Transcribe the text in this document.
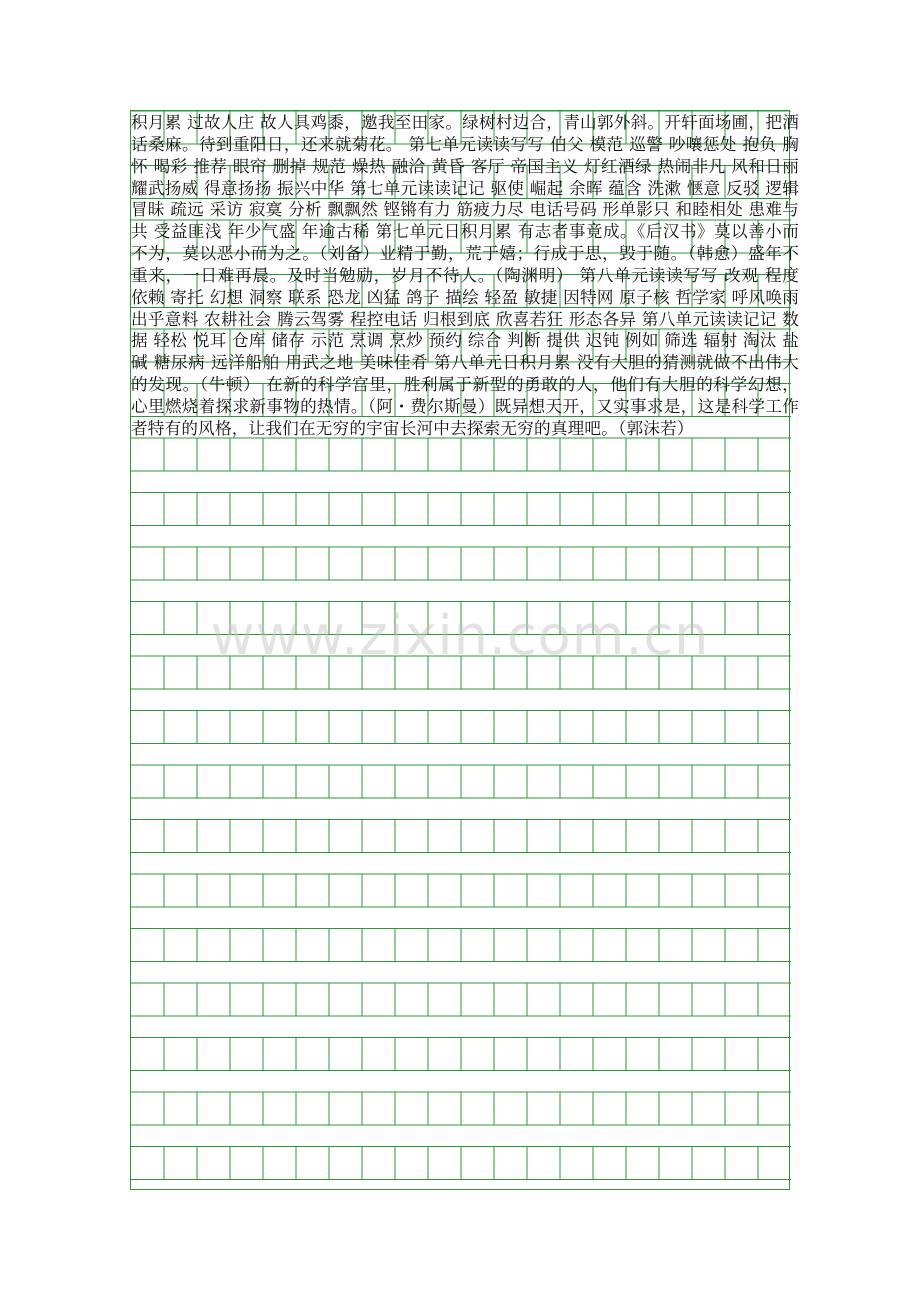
积月累 过故人庄 故人具鸡黍，邀我至田家。绿树村边合，青山郭外斜。开轩面场圃，把酒话桑麻。待到重阳日，还来就菊花。 第七单元读读写写 伯父 模范 巡警 吵嚷惩处 抱负 胸怀 喝彩 推荐 眼帘 删掉 规范 燥热 融洽 黄昏 客厅 帝国主义 灯红酒绿 热闹非凡 风和日丽 耀武扬威 得意扬扬 振兴中华 第七单元读读记记 驱使 崛起 余晖 蕴含 洗漱 惬意 反驳 逻辑 冒昧 疏远 采访 寂寞 分析 飘飘然 铿锵有力 筋疲力尽 电话号码 形单影只 和睦相处 患难与共 受益匪浅 年少气盛 年逾古稀 第七单元日积月累 有志者事竟成。《后汉书》莫以善小而不为，莫以恶小而为之。（刘备）业精于勤，荒于嬉；行成于思，毁于随。（韩愈）盛年不重来，一日难再晨。及时当勉励，岁月不待人。（陶渊明） 第八单元读读写写 改观 程度 依赖 寄托 幻想 洞察 联系 恐龙 凶猛 鸽子 描绘 轻盈 敏捷 因特网 原子核 哲学家 呼风唤雨 出乎意料 农耕社会 腾云驾雾 程控电话 归根到底 欣喜若狂 形态各异 第八单元读读记记 数据 轻松 悦耳 仓库 储存 示范 烹调 烹炒 预约 综合 判断 提供 迟钝 例如 筛选 辐射 淘汰 盐碱 糖尿病 远洋船舶 用武之地 美味佳肴 第八单元日积月累 没有大胆的猜测就做不出伟大的发现。（牛顿） 在新的科学宫里，胜利属于新型的勇敢的人，他们有大胆的科学幻想，心里燃烧着探求新事物的热情。（阿・费尔斯曼）既异想天开，又实事求是，这是科学工作者特有的风格，让我们在无穷的宇宙长河中去探索无穷的真理吧。（郭沫若）

www.zixin.com.cn
